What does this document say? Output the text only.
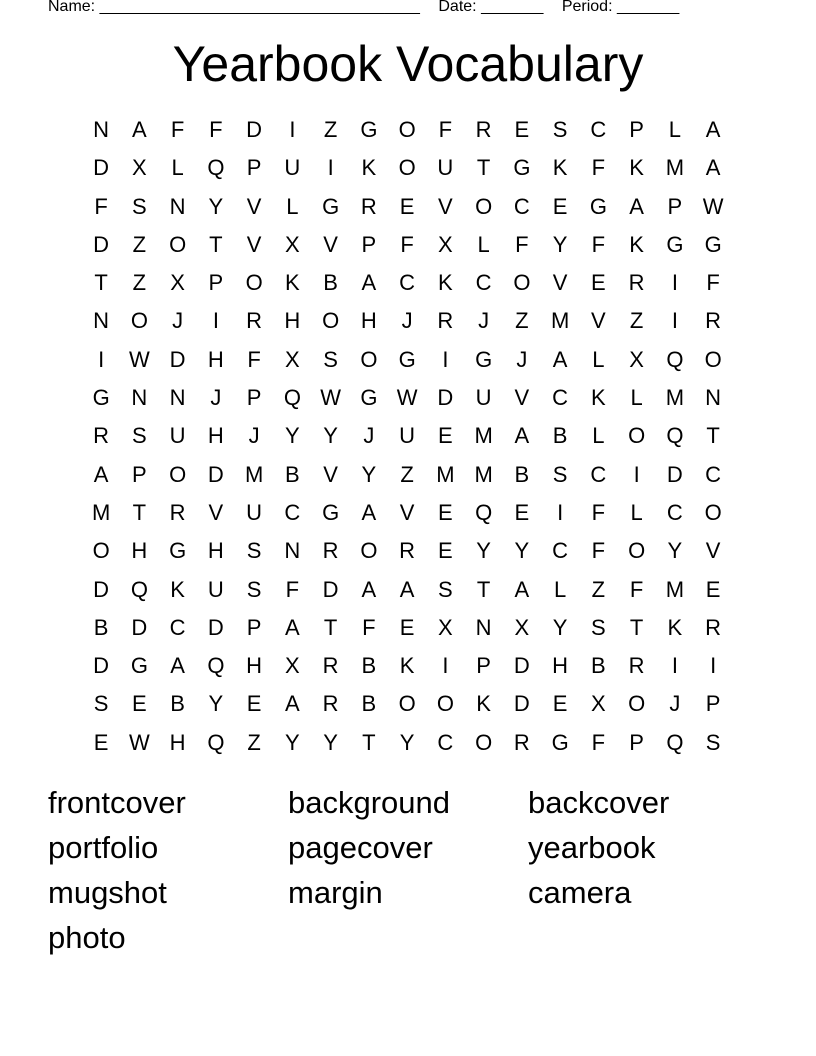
Name: ____________________________________ Date: _______ Period: _______
Yearbook Vocabulary
N	A	F	F	D	I	Z	G O	F	R	E	S	C	P	L	A
D	X	L	Q	P	U	I	K	O U	T	G	K	F	K M A
F	S	N	Y	V	L	G R	E	V	O C	E	G	A	P W
D	Z	O	T	V	X	V	P	F	X	L	F	Y	F	K	G G
T	Z	X	P	O	K	B	A	C	K	C O	V	E	R	I	F
N O	J	I	R	H O H	J	R	J	Z	M V	Z	I	R
I	W D	H	F	X	S	O G	I	G	J	A	L	X	Q O
G N	N	J	P	Q W G W D	U	V	C	K	L	M N
R	S	U	H	J	Y	Y	J	U	E M A	B	L	O Q	T
A	P	O D M B	V	Y	Z	M M B	S	C	I	D	C
M	T	R	V	U	C G	A	V	E	Q	E	I	F	L	C O
O H G H	S	N	R O R	E	Y	Y	C	F	O	Y	V
D Q	K	U	S	F	D	A	A	S	T	A	L	Z	F	M E
B	D	C	D	P	A	T	F	E	X	N	X	Y	S	T	K	R
D G	A	Q H	X	R	B	K	I	P	D	H	B	R	I	I
S	E	B	Y	E	A	R	B	O O	K	D	E	X	O	J	P
E W H Q	Z	Y	Y	T	Y	C O R G	F	P	Q	S
frontcover	background	backcover
portfolio	pagecover	yearbook
mugshot	margin	camera
photo
